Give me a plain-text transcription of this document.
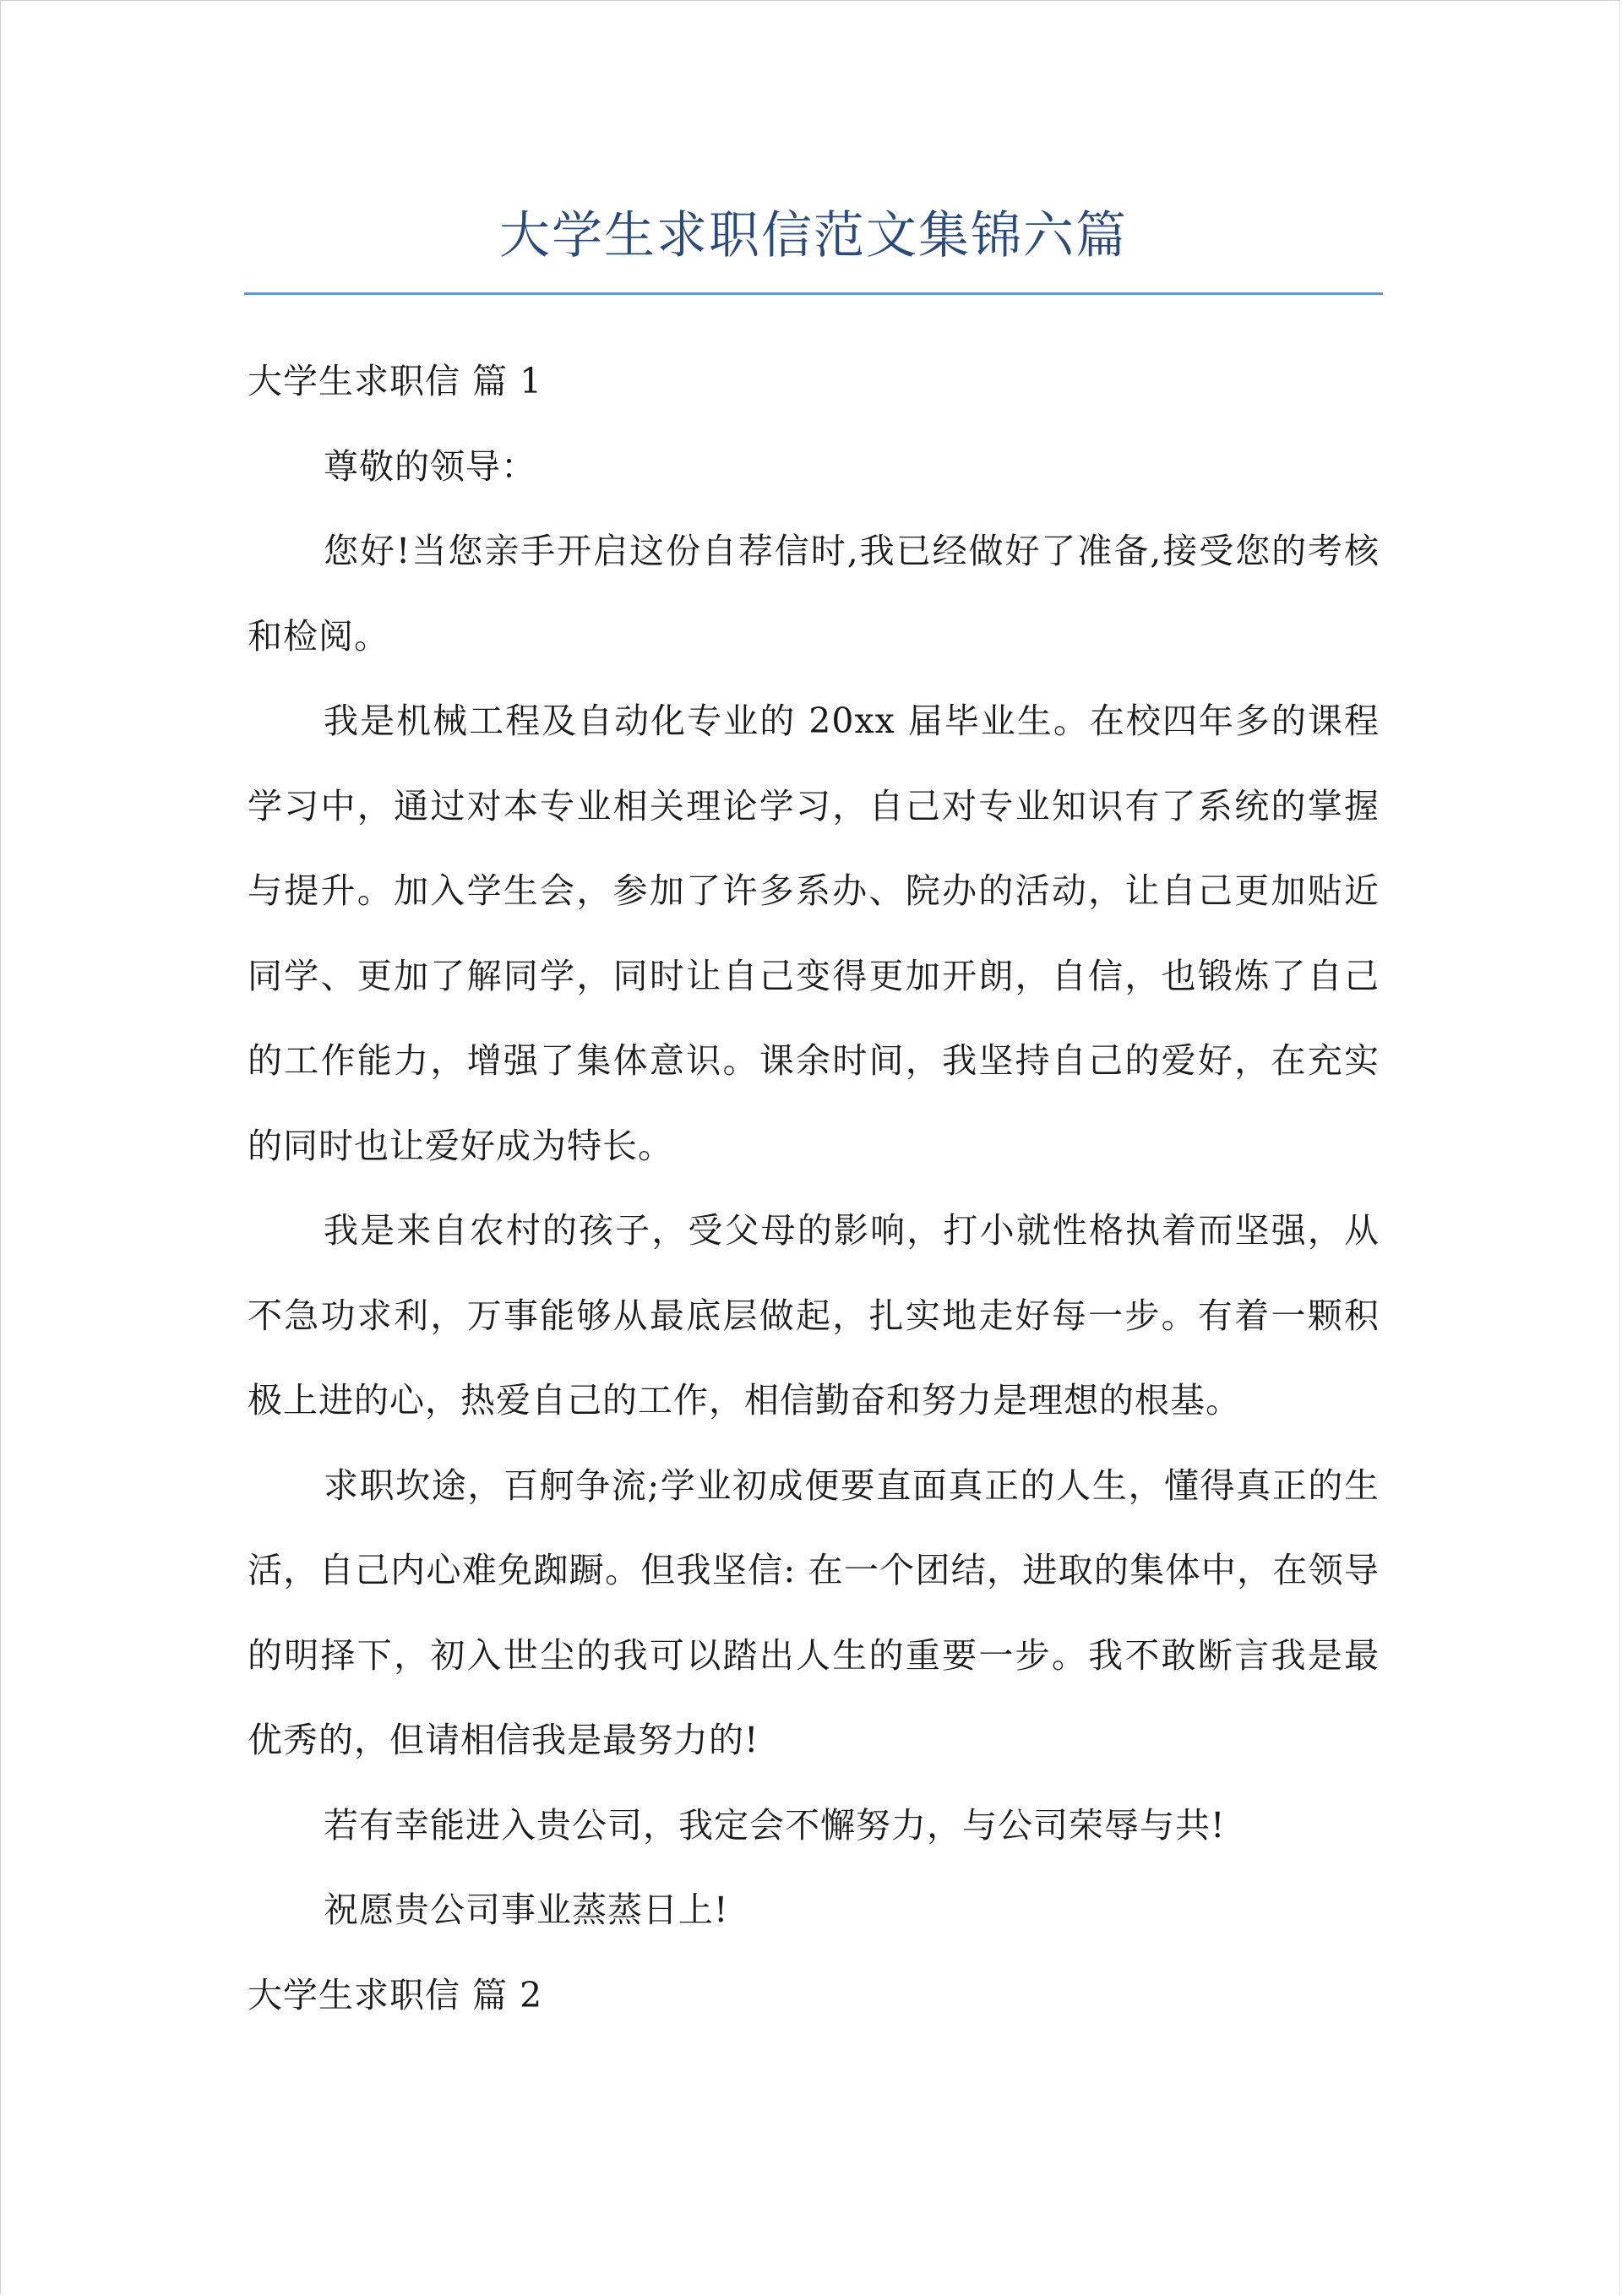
大学生求职信范文集锦六篇

大学生求职信 篇 1

尊敬的领导：

您好!当您亲手开启这份自荐信时,我已经做好了准备,接受您的考核和检阅。

我是机械工程及自动化专业的 20xx 届毕业生。在校四年多的课程学习中，通过对本专业相关理论学习，自己对专业知识有了系统的掌握与提升。加入学生会，参加了许多系办、院办的活动，让自己更加贴近同学、更加了解同学，同时让自己变得更加开朗，自信，也锻炼了自己的工作能力，增强了集体意识。课余时间，我坚持自己的爱好，在充实的同时也让爱好成为特长。

我是来自农村的孩子，受父母的影响，打小就性格执着而坚强，从不急功求利，万事能够从最底层做起，扎实地走好每一步。有着一颗积极上进的心，热爱自己的工作，相信勤奋和努力是理想的根基。

求职坎途，百舸争流;学业初成便要直面真正的人生，懂得真正的生活，自己内心难免踟蹰。但我坚信: 在一个团结，进取的集体中，在领导的明择下，初入世尘的我可以踏出人生的重要一步。我不敢断言我是最优秀的，但请相信我是最努力的!

若有幸能进入贵公司，我定会不懈努力，与公司荣辱与共!

祝愿贵公司事业蒸蒸日上!

大学生求职信 篇 2
